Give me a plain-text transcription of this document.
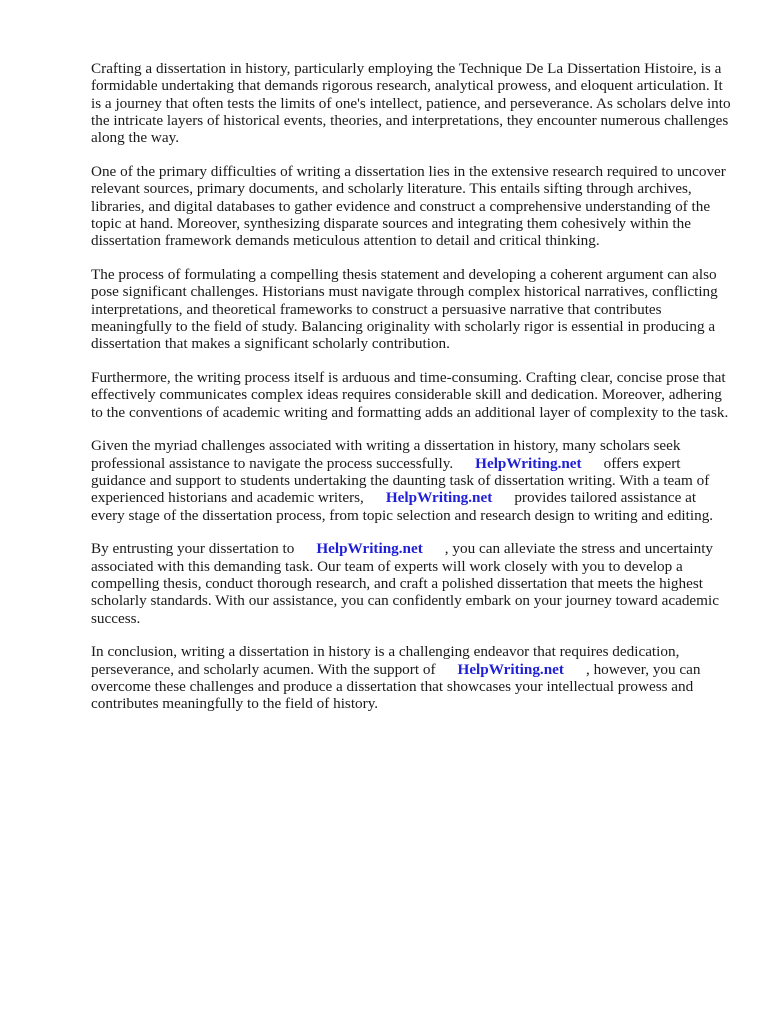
Crafting a dissertation in history, particularly employing the Technique De La Dissertation Histoire, is a formidable undertaking that demands rigorous research, analytical prowess, and eloquent articulation. It is a journey that often tests the limits of one's intellect, patience, and perseverance. As scholars delve into the intricate layers of historical events, theories, and interpretations, they encounter numerous challenges along the way.

One of the primary difficulties of writing a dissertation lies in the extensive research required to uncover relevant sources, primary documents, and scholarly literature. This entails sifting through archives, libraries, and digital databases to gather evidence and construct a comprehensive understanding of the topic at hand. Moreover, synthesizing disparate sources and integrating them cohesively within the dissertation framework demands meticulous attention to detail and critical thinking.

The process of formulating a compelling thesis statement and developing a coherent argument can also pose significant challenges. Historians must navigate through complex historical narratives, conflicting interpretations, and theoretical frameworks to construct a persuasive narrative that contributes meaningfully to the field of study. Balancing originality with scholarly rigor is essential in producing a dissertation that makes a significant scholarly contribution.

Furthermore, the writing process itself is arduous and time-consuming. Crafting clear, concise prose that effectively communicates complex ideas requires considerable skill and dedication. Moreover, adhering to the conventions of academic writing and formatting adds an additional layer of complexity to the task.

Given the myriad challenges associated with writing a dissertation in history, many scholars seek professional assistance to navigate the process successfully. HelpWriting.net offers expert guidance and support to students undertaking the daunting task of dissertation writing. With a team of experienced historians and academic writers, HelpWriting.net provides tailored assistance at every stage of the dissertation process, from topic selection and research design to writing and editing.

By entrusting your dissertation to HelpWriting.net , you can alleviate the stress and uncertainty associated with this demanding task. Our team of experts will work closely with you to develop a compelling thesis, conduct thorough research, and craft a polished dissertation that meets the highest scholarly standards. With our assistance, you can confidently embark on your journey toward academic success.

In conclusion, writing a dissertation in history is a challenging endeavor that requires dedication, perseverance, and scholarly acumen. With the support of HelpWriting.net , however, you can overcome these challenges and produce a dissertation that showcases your intellectual prowess and contributes meaningfully to the field of history.
